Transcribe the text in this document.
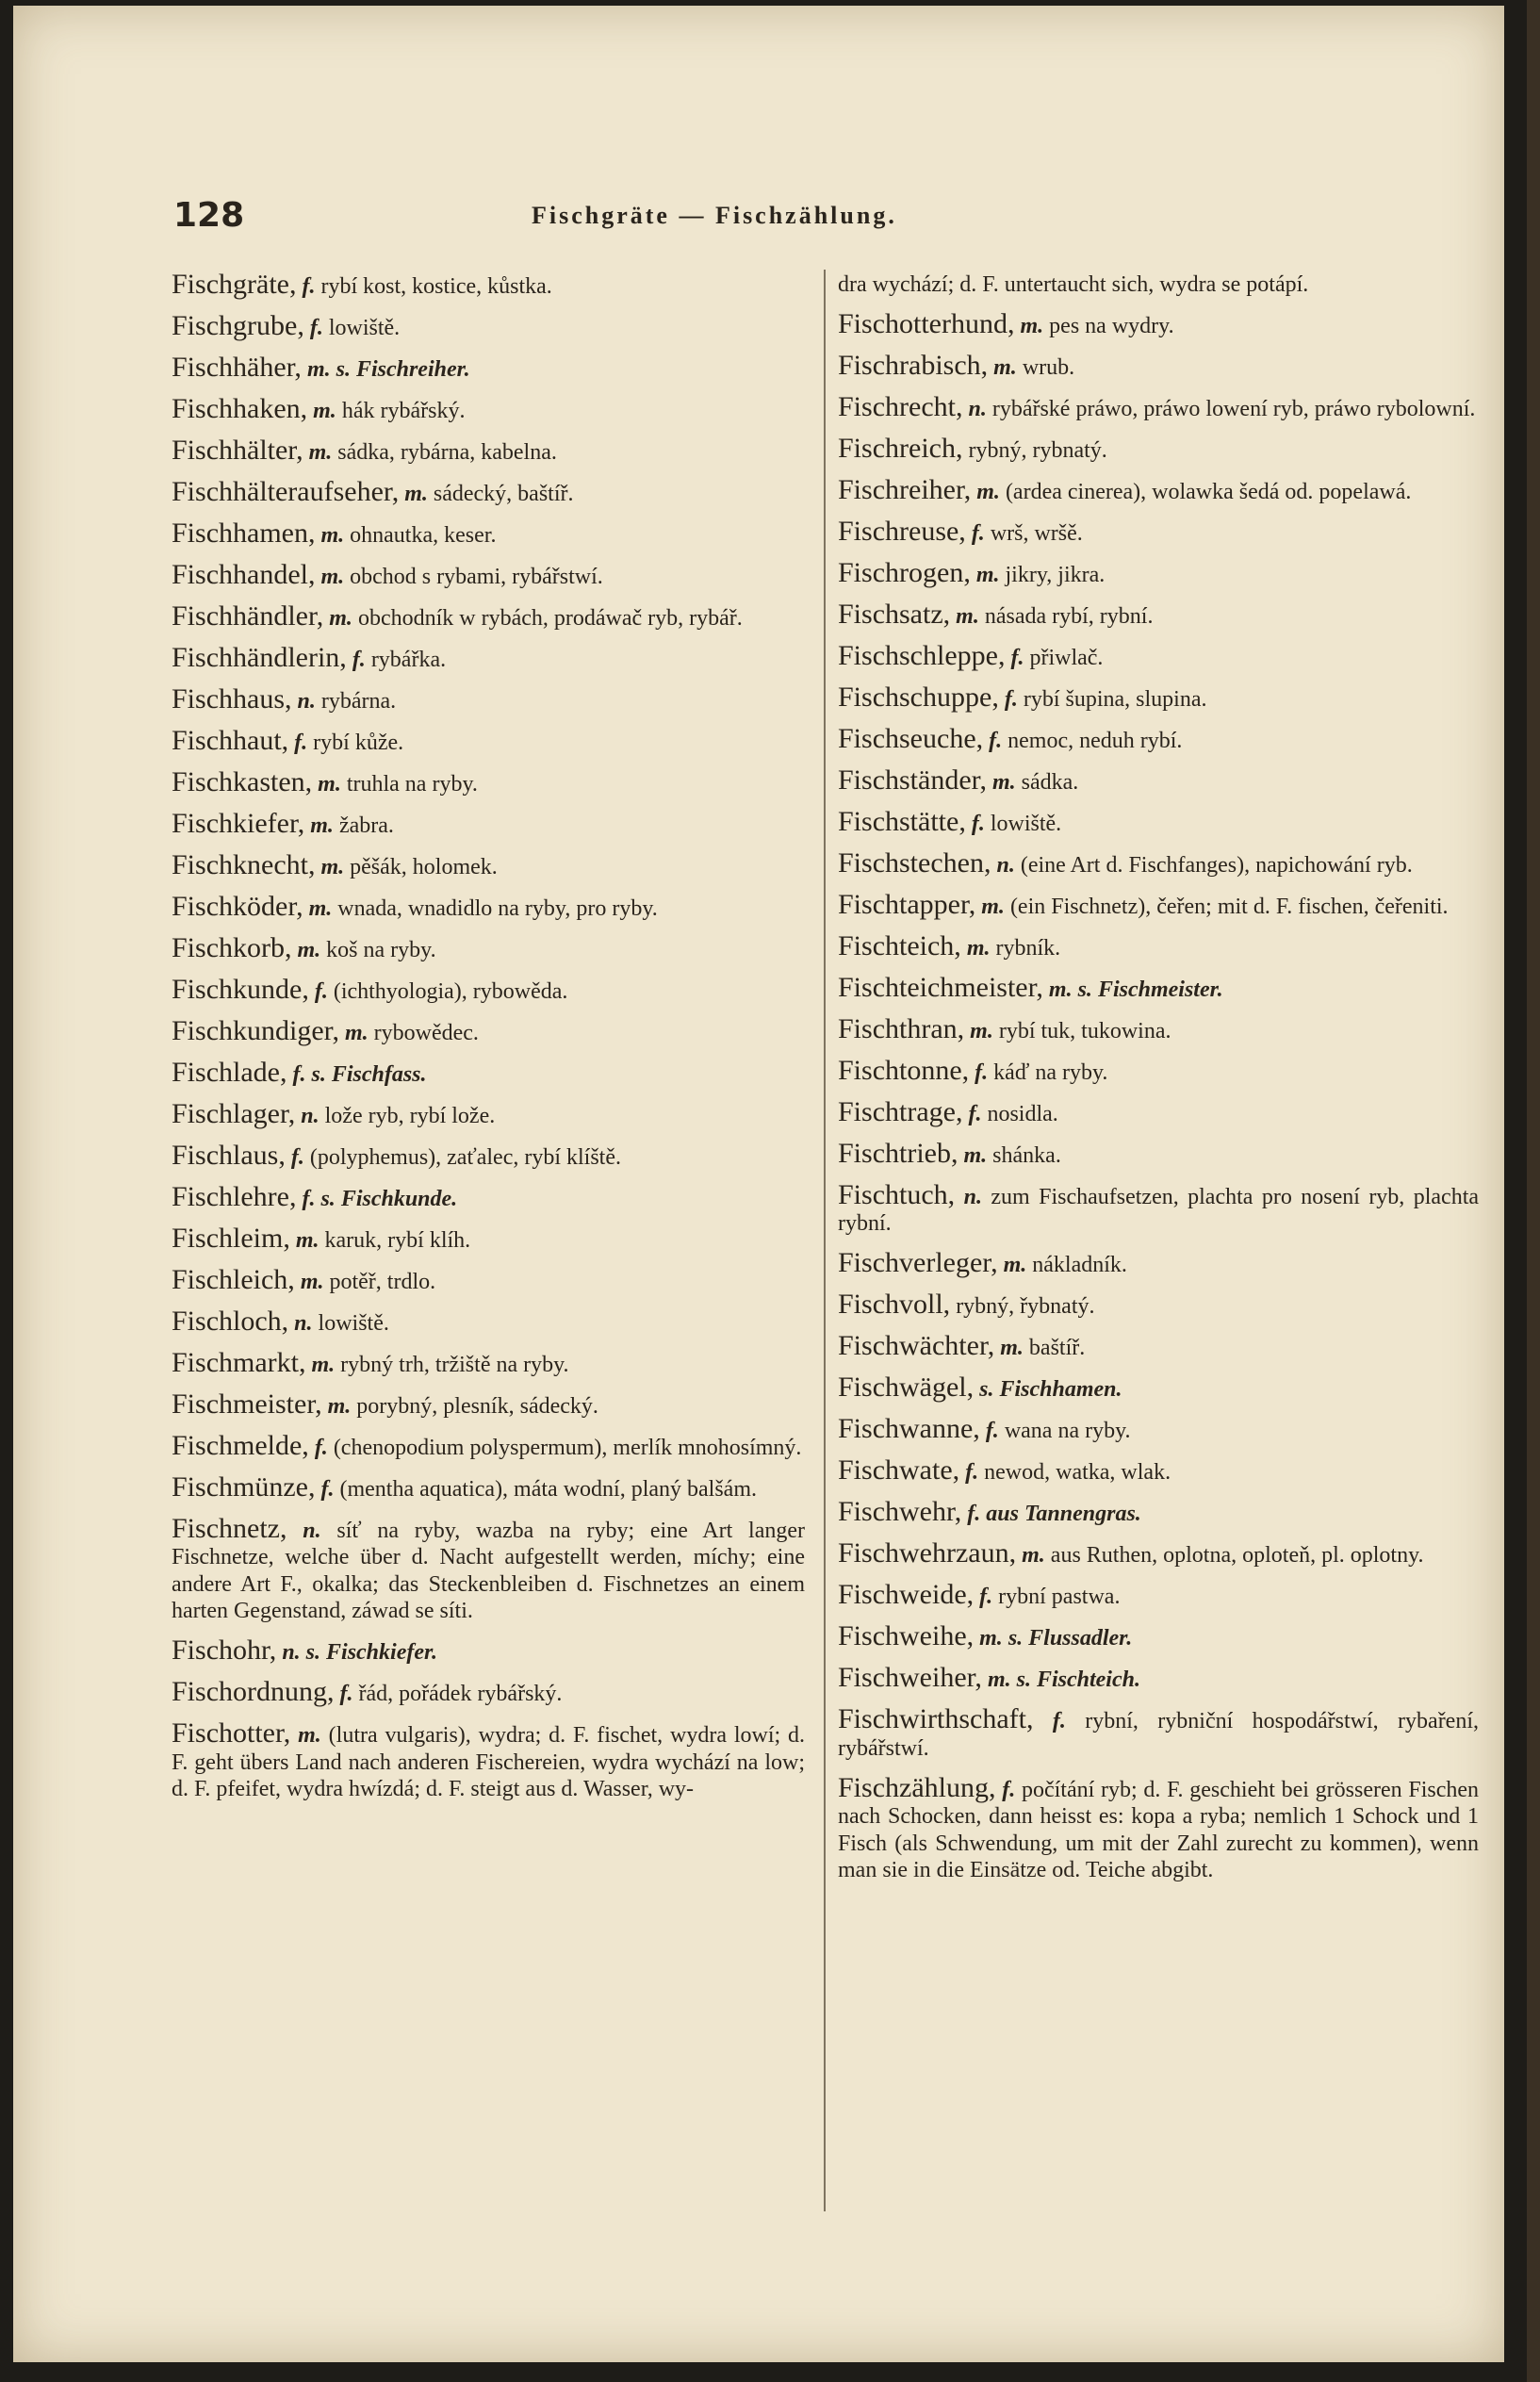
128	Fischgräte — Fischzählung.
Fischgräte, f. rybí kost, kostice, kůstka.
Fischgrube, f. lowiště.
Fischhäher, m. s. Fischreiher.
Fischhaken, m. hák rybářský.
Fischhälter, m. sádka, rybárna, kabelna.
Fischhälteraufseher, m. sádecký, baštíř.
Fischhamen, m. ohnautka, keser.
Fischhandel, m. obchod s rybami, rybářstwí.
Fischhändler, m. obchodník w rybách, prodáwač ryb, rybář.
Fischhändlerin, f. rybářka.
Fischhaus, n. rybárna.
Fischhaut, f. rybí kůže.
Fischkasten, m. truhla na ryby.
Fischkiefer, m. žabra.
Fischknecht, m. pěšák, holomek.
Fischköder, m. wnada, wnadidlo na ryby, pro ryby.
Fischkorb, m. koš na ryby.
Fischkunde, f. (ichthyologia), rybowěda.
Fischkundiger, m. rybowědec.
Fischlade, f. s. Fischfass.
Fischlager, n. lože ryb, rybí lože.
Fischlaus, f. (polyphemus), zaťalec, rybí klíště.
Fischlehre, f. s. Fischkunde.
Fischleim, m. karuk, rybí klíh.
Fischleich, m. potěř, trdlo.
Fischloch, n. lowiště.
Fischmarkt, m. rybný trh, tržiště na ryby.
Fischmeister, m. porybný, plesník, sádecký.
Fischmelde, f. (chenopodium polyspermum), merlík mnohosímný.
Fischmünze, f. (mentha aquatica), máta wodní, planý balšám.
Fischnetz, n. síť na ryby, wazba na ryby; eine Art langer Fischnetze, welche über d. Nacht aufgestellt werden, míchy; eine andere Art F., okalka; das Steckenbleiben d. Fischnetzes an einem harten Gegenstand, záwad se síti.
Fischohr, n. s. Fischkiefer.
Fischordnung, f. řád, pořádek rybářský.
Fischotter, m. (lutra vulgaris), wydra; d. F. fischet, wydra lowí; d. F. geht übers Land nach anderen Fischereien, wydra wychází na low; d. F. pfeifet, wydra hwízdá; d. F. steigt aus d. Wasser, wy-
dra wychází; d. F. untertaucht sich, wydra se potápí.
Fischotterhund, m. pes na wydry.
Fischrabisch, m. wrub.
Fischrecht, n. rybářské práwo, práwo lowení ryb, práwo rybolowní.
Fischreich, rybný, rybnatý.
Fischreiher, m. (ardea cinerea), wolawka šedá od. popelawá.
Fischreuse, f. wrš, wršě.
Fischrogen, m. jikry, jikra.
Fischsatz, m. násada rybí, rybní.
Fischschleppe, f. přiwlač.
Fischschuppe, f. rybí šupina, slupina.
Fischseuche, f. nemoc, neduh rybí.
Fischständer, m. sádka.
Fischstätte, f. lowiště.
Fischstechen, n. (eine Art d. Fischfanges), napichowání ryb.
Fischtapper, m. (ein Fischnetz), čeřen; mit d. F. fischen, čeřeniti.
Fischteich, m. rybník.
Fischteichmeister, m. s. Fischmeister.
Fischthran, m. rybí tuk, tukowina.
Fischtonne, f. káď na ryby.
Fischtrage, f. nosidla.
Fischtrieb, m. shánka.
Fischtuch, n. zum Fischaufsetzen, plachta pro nosení ryb, plachta rybní.
Fischverleger, m. nákladník.
Fischvoll, rybný, řybnatý.
Fischwächter, m. baštíř.
Fischwägel, s. Fischhamen.
Fischwanne, f. wana na ryby.
Fischwate, f. newod, watka, wlak.
Fischwehr, f. aus Tannengras.
Fischwehrzaun, m. aus Ruthen, oplotna, oploteň, pl. oplotny.
Fischweide, f. rybní pastwa.
Fischweihe, m. s. Flussadler.
Fischweiher, m. s. Fischteich.
Fischwirthschaft, f. rybní, rybniční hospodářstwí, rybaření, rybářstwí.
Fischzählung, f. počítání ryb; d. F. geschieht bei grösseren Fischen nach Schocken, dann heisst es: kopa a ryba; nemlich 1 Schock und 1 Fisch (als Schwendung, um mit der Zahl zurecht zu kommen), wenn man sie in die Einsätze od. Teiche abgibt.
